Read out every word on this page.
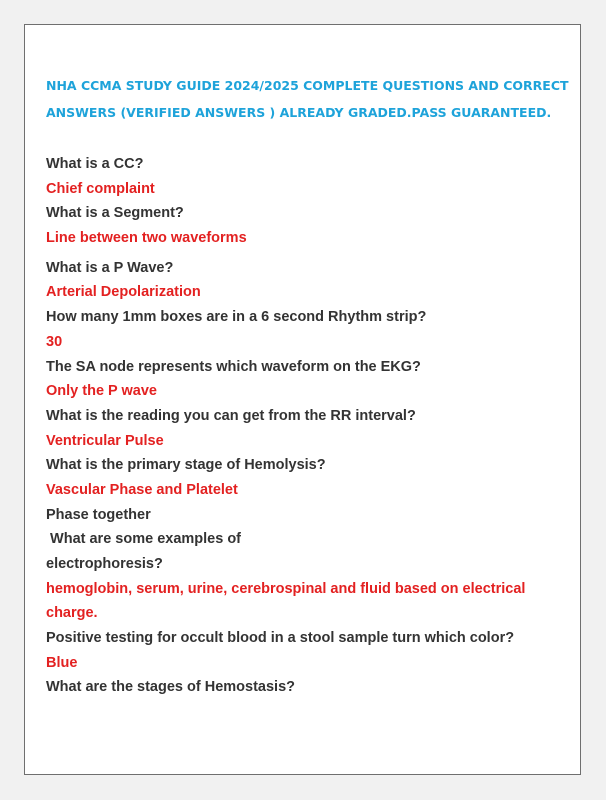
NHA CCMA STUDY GUIDE 2024/2025 COMPLETE QUESTIONS AND CORRECT
ANSWERS (VERIFIED ANSWERS ) ALREADY GRADED.PASS GUARANTEED.
What is a CC?
Chief complaint
What is a Segment?
Line between two waveforms
What is a P Wave?
Arterial Depolarization
How many 1mm boxes are in a 6 second Rhythm strip?
30
The SA node represents which waveform on the EKG?
Only the P wave
What is the reading you can get from the RR interval?
Ventricular Pulse
What is the primary stage of Hemolysis?
Vascular Phase and Platelet
Phase together
What are some examples of
electrophoresis?
hemoglobin, serum, urine, cerebrospinal and fluid based on electrical
charge.
Positive testing for occult blood in a stool sample turn which color?
Blue
What are the stages of Hemostasis?
